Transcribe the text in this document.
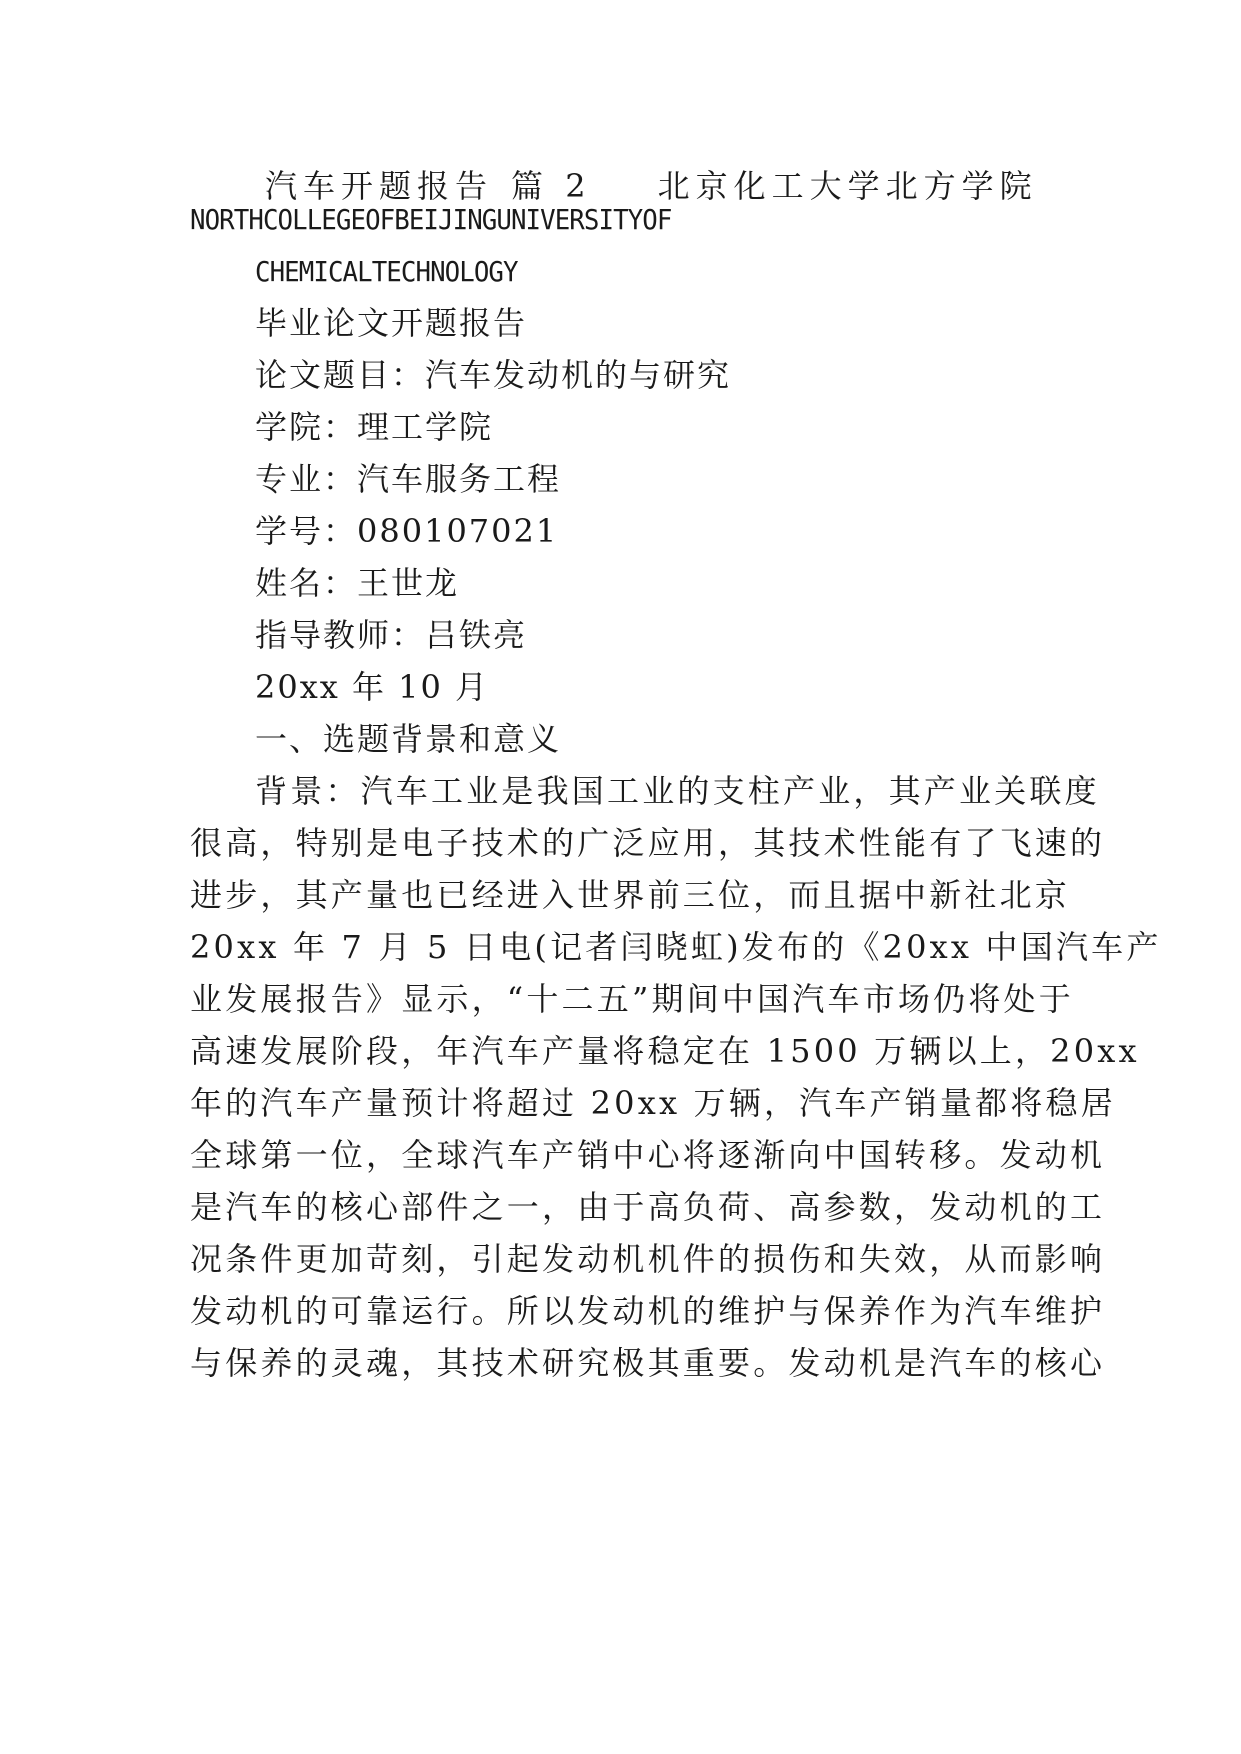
汽车开题报告 篇 2 北京化工大学北方学院
NORTHCOLLEGEOFBEIJINGUNIVERSITYOF
CHEMICALTECHNOLOGY
毕业论文开题报告
论文题目：汽车发动机的与研究
学院：理工学院
专业：汽车服务工程
学号：080107021
姓名：王世龙
指导教师：吕铁亮
20xx 年 10 月
一、选题背景和意义
背景：汽车工业是我国工业的支柱产业，其产业关联度
很高，特别是电子技术的广泛应用，其技术性能有了飞速的
进步，其产量也已经进入世界前三位，而且据中新社北京
20xx 年 7 月 5 日电(记者闫晓虹)发布的《20xx 中国汽车产
业发展报告》显示，“十二五”期间中国汽车市场仍将处于
高速发展阶段，年汽车产量将稳定在 1500 万辆以上，20xx
年的汽车产量预计将超过 20xx 万辆，汽车产销量都将稳居
全球第一位，全球汽车产销中心将逐渐向中国转移。发动机
是汽车的核心部件之一，由于高负荷、高参数，发动机的工
况条件更加苛刻，引起发动机机件的损伤和失效，从而影响
发动机的可靠运行。所以发动机的维护与保养作为汽车维护
与保养的灵魂，其技术研究极其重要。发动机是汽车的核心
